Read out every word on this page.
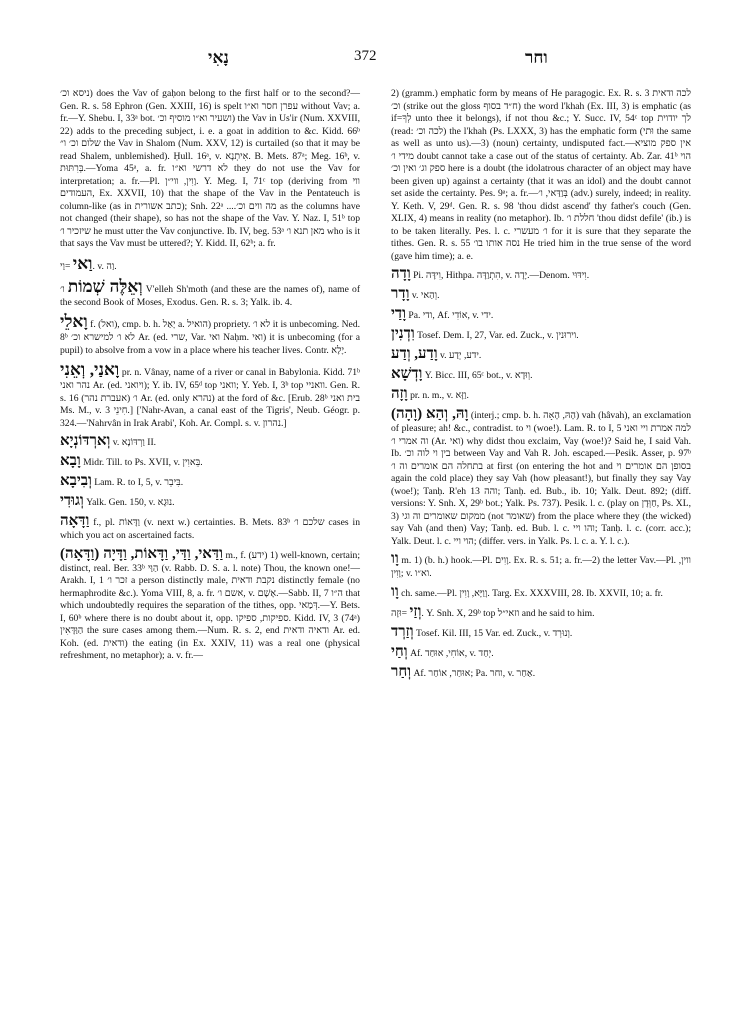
נָאִי	372	וחר
ניסא וכ׳) does the Vav of gaḥon belong to the first half or to the second?—Gen. R. s. 58 Ephron (Gen. XXIII, 16) is spelt עפרן חסר וא״ו without Vav; a. fr.—Y. Shebu. I, 33ᵃ bot. ושעיר וא״ו מוסיף וכ׳) the Vav in Us'ir (Num. XXVIII, 22) adds to the preceding subject, i. e. a goat in addition to &c. Kidd. 66ᵇ שלום וכ׳ ו״ the Vav in Shalom (Num. XXV, 12) is curtailed (so that it may be read Shalem, unblemished). Ḥull. 16ᵃ, v. אִיתְנָא. B. Mets. 87ᵃ; Meg. 16ᵇ, v. בְּרִתּוּת.—Yoma 45ᵃ, a. fr. לא דרשי וא״ו they do not use the Vav for interpretation; a. fr.—Pl. וָוִין, ווי״ן. Y. Meg. I, 71ᶜ top (deriving from ווי העמודים, Ex. XXVII, 10) that the shape of the Vav in the Pentateuch is column-like (as in כתב אשורית); Snh. 22ᵃ ....מה ווים וכ׳ as the columns have not changed (their shape), so has not the shape of the Vav. Y. Naz. I, 51ᵇ top שיזכיר ו׳ he must utter the Vav conjunctive. Ib. IV, beg. 53ᵃ מאן תנא ו׳ who is it that says the Vav must be uttered?; Y. Kidd. II, 62ᵇ; a. fr.
וַאי =וַי. v. וַה.
וְאֵלֶּה שְׁמוֹת ו׳ V'elleh Sh'moth (and these are the names of), name of the second Book of Moses, Exodus. Gen. R. s. 3; Yalk. ib. 4.
וָאלֵי f. (ואל), cmp. b. h. יָאַל a. הואיל) propriety. לא ו׳ it is unbecoming. Ned. 8ᵇ לא ו׳ למישרא וכ׳ Ar. (ed. שרי, Var. ואי Naḥm. ואי) it is unbecoming (for a pupil) to absolve from a vow in a place where his teacher lives. Contr. יָלָא.
וָאנַי, וְאֵנִי pr. n. Vânay, name of a river or canal in Babylonia. Kidd. 71ᵇ נהר ואני Ar. (ed. ויואני); Y. ib. IV, 65ᵈ top וואני; Y. Yeb. I, 3ᵇ top וואניי. Gen. R. s. 16 ו׳ (אעברת נהר) Ar. (ed. only נהרא) at the ford of &c. [Erub. 28ᵇ בית ואני Ms. M., v. חִינֵי 3.] ['Nahr-Avan, a canal east of the Tigris', Neub. Géogr. p. 324.—'Nahrvân in Irak Arabi', Koh. Ar. Compl. s. v. נהרון.]
וְארְדּוֹנְיָא v. וַרְדּוֹנָא II.
וָבָא Midr. Till. to Ps. XVII, v. בֵּאוִין.
וְבִיבָא Lam. R. to I, 5, v. בִּיבֵר.
וְגוּדִי Yalk. Gen. 150, v. נוּגָא.
וַדָּאָה f., pl. וַדָּאוֹת (v. next w.) certainties. B. Mets. 83ᵇ שלכם ו׳ cases in which you act on ascertained facts.
וַדַּאי, וַדַּי, וַדָּאוֹת, וַדָּיָה (וַדָּאָה) m., f. (ידע) 1) well-known, certain; distinct, real. Ber. 33ᵇ הַוַּי (v. Rabb. D. S. a. l. note) Thou, the known one!—Arakh. I, 1 זכר ו׳ a person distinctly male, נקבת ודאית distinctly female (no hermaphrodite &c.). Yoma VIII, 8, a. fr. אשם ו׳, v. אָשָׁם.—Sabb. II, 7 ה״ו that which undoubtedly requires the separation of the tithes, opp. דְּמַאי.—Y. Bets. I, 60ᵇ where there is no doubt about it, opp. ספיקות, ספיקו. Kidd. IV, 3 (74ᵃ) הַוַּדָּאִין the sure cases among them.—Num. R. s. 2, end ודאיה ודאית Ar. ed. Koh. (ed. ודאית) the eating (in Ex. XXIV, 11) was a real one (physical refreshment, no metaphor); a. v. fr.—
2) (gramm.) emphatic form by means of He paragogic. Ex. R. s. 3 לכה ודאית וכ׳ (strike out the gloss ח״ד בסוף) the word l'khah (Ex. III, 3) is emphatic (as if=לְךָ unto thee it belongs), if not thou &c.; Y. Succ. IV, 54ᶜ top לך יודוית (read: לכה וכ׳) the l'khah (Ps. LXXX, 3) has the emphatic form (וּתי the same as well as unto us).—3) (noun) certainty, undisputed fact.—אין ספק מוציא מידי ו׳ doubt cannot take a case out of the status of certainty. Ab. Zar. 41ᵇ הוי ספק וג׳ ואין וכ׳ here is a doubt (the idolatrous character of an object may have been given up) against a certainty (that it was an idol) and the doubt cannot set aside the certainty. Pes. 9ᵃ; a. fr.—בְּוַדַּאי, ו׳ (adv.) surely, indeed; in reality. Y. Keth. V, 29ᵈ. Gen. R. s. 98 'thou didst ascend' thy father's couch (Gen. XLIX, 4) means in reality (no metaphor). Ib. חללת ו׳ 'thou didst defile' (ib.) is to be taken literally. Pes. l. c. ו׳ מעשרי for it is sure that they separate the tithes. Gen. R. s. 55 נסה אותו בו׳ He tried him in the true sense of the word (gave him time); a. e.
וָדָה Pi. וִידָּה, Hithpa. הִתְוַדָּה, v. יָדָה.—Denom. וִידּוּי.
וָדָר v. וְהַאי.
וָדַי Pa. ודי, Af. אוֹדִי, v. ידי.
וִדְנִין Tosef. Dem. I, 27, Var. ed. Zuck., v. וירוּנין.
וָדַע, וְדַע v. ידע, יְדַע.
וָדְשָׁא Y. Bicc. III, 65ᶜ bot., v. וְוּדָא.
וָזָה pr. n. m., v. וַזָּא.
וָהּ, וְהַאּ (וָהָה) (interj.; cmp. b. h. הָהּ, הָאָה) vah (hâvah), an exclamation of pleasure; ah! &c., contradist. to וי (woe!). Lam. R. to I, 5 למה אמרת ויי ואני וה אמרי ו׳ (Ar. ואי) why didst thou exclaim, Vay (woe!)? Said he, I said Vah. Ib. בין וי לוה וכ׳ between Vay and Vah R. Joh. escaped.—Pesik. Asser, p. 97ᵇ בתחלה הם אומרים וה ו׳ at first (on entering the hot and בסופן הם אומרים וי again the cold place) they say Vah (how pleasant!), but finally they say Vay (woe!); Tanḥ. R'eh 13 והה; Tanḥ. ed. Bub., ib. 10; Yalk. Deut. 892; (diff. versions: Y. Snh. X, 29ᵇ bot.; Yalk. Ps. 737). Pesik. l. c. (play on חַוְּדָן, Ps. XL, 3) ממקום שאומרים וה וגי (not שאומר) from the place where they (the wicked) say Vah (and then) Vay; Tanḥ. ed. Bub. l. c. והו ויי; Tanḥ. l. c. (corr. acc.); Yalk. Deut. l. c. הוי ויי; (differ. vers. in Yalk. Ps. l. c. a. Y. l. c.).
וָו m. 1) (b. h.) hook.—Pl. וָוִים. Ex. R. s. 51; a. fr.—2) the letter Vav.—Pl. ווין, וָוִין; v. וא״ו.
וָו ch. same.—Pl. וָוַיָּא, וָוִין. Targ. Ex. XXXVIII, 28. Ib. XXVII, 10; a. fr.
וְזַי =וּזָה. Y. Snh. X, 29ᵇ top וזאי״ל and he said to him.
וְזַרְד Tosef. Kil. III, 15 Var. ed. Zuck., v. וְנוּרְד.
וְחַי Af. אוֹחִי, אוּחַד, v. יְחַד.
וְחַר Af. אוּחַר, אוֹחַר; Pa. וחר, v. אַחַר.
